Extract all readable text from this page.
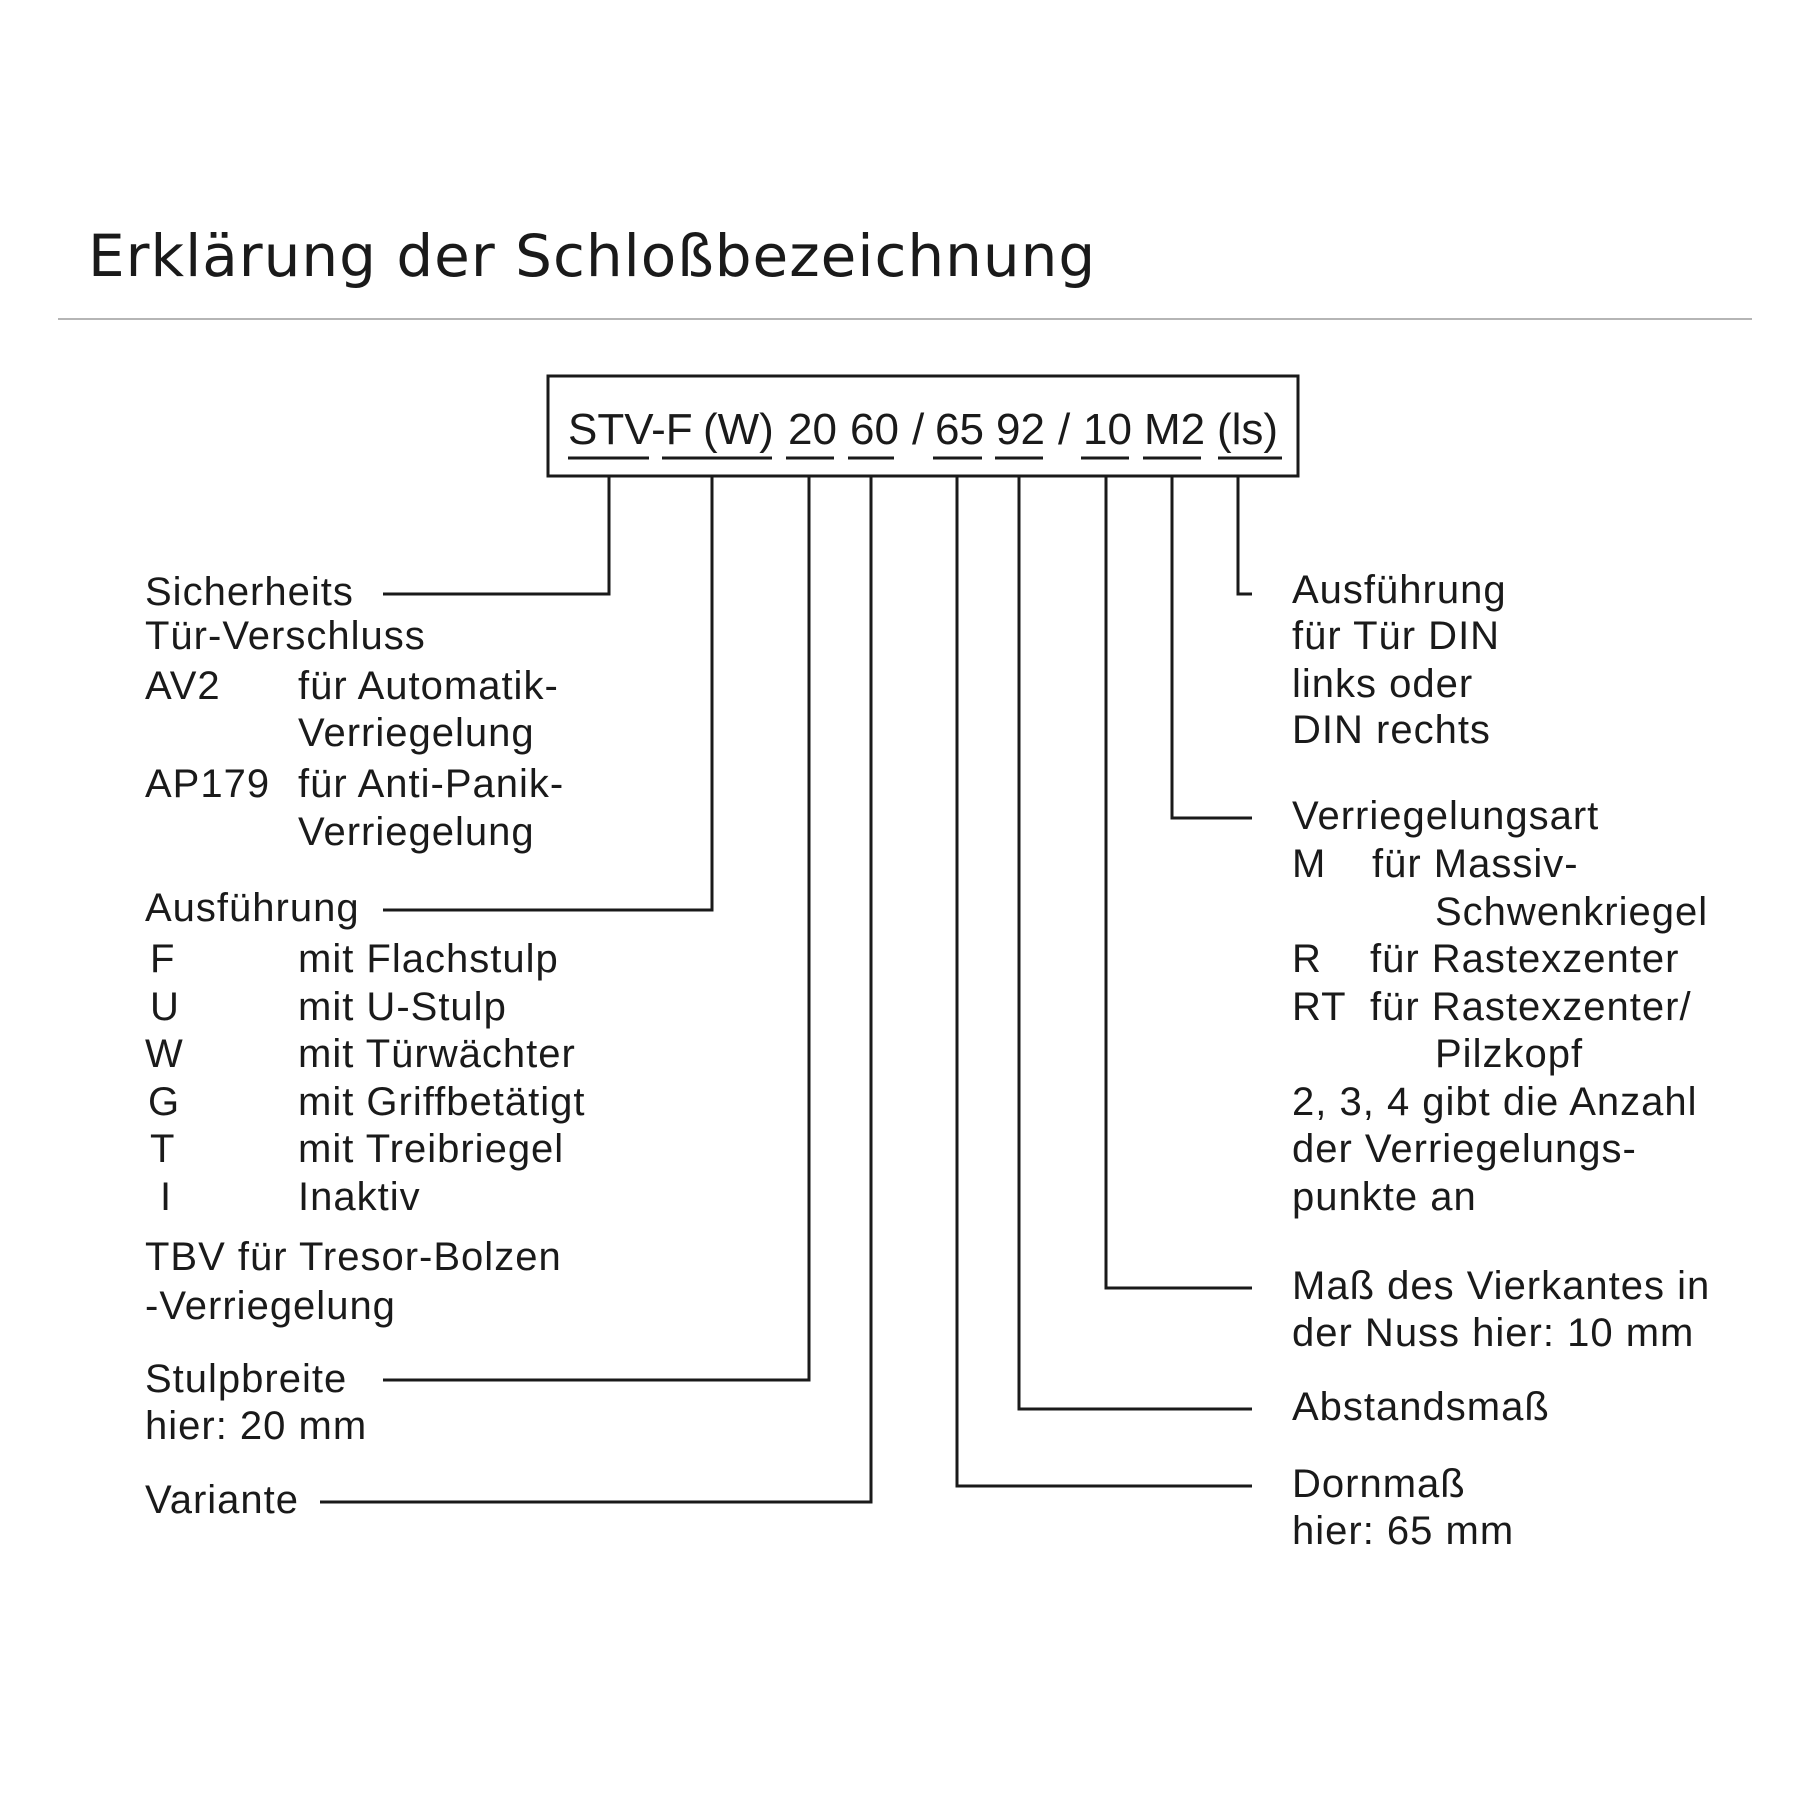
Erklärung der Schloßbezeichnung
STV-F (W) 20 60 / 65 92 / 10 M2 (ls)
Sicherheits
Tür-Verschluss
AV2 für Automatik-
Verriegelung
AP179 für Anti-Panik-
Verriegelung
Ausführung
F	mit Flachstulp
U	mit U-Stulp
W	mit Türwächter
G	mit Griffbetätigt
T	mit Treibriegel
I	Inaktiv
TBV für Tresor-Bolzen
-Verriegelung
Stulpbreite
hier: 20 mm
Variante
Ausführung
für Tür DIN
links oder
DIN rechts
Verriegelungsart
M für Massiv-
Schwenkriegel
R für Rastexzenter
RT für Rastexzenter/
Pilzkopf
2, 3, 4 gibt die Anzahl
der Verriegelungs-
punkte an
Maß des Vierkantes in
der Nuss hier: 10 mm
Abstandsmaß
Dornmaß
hier: 65 mm
